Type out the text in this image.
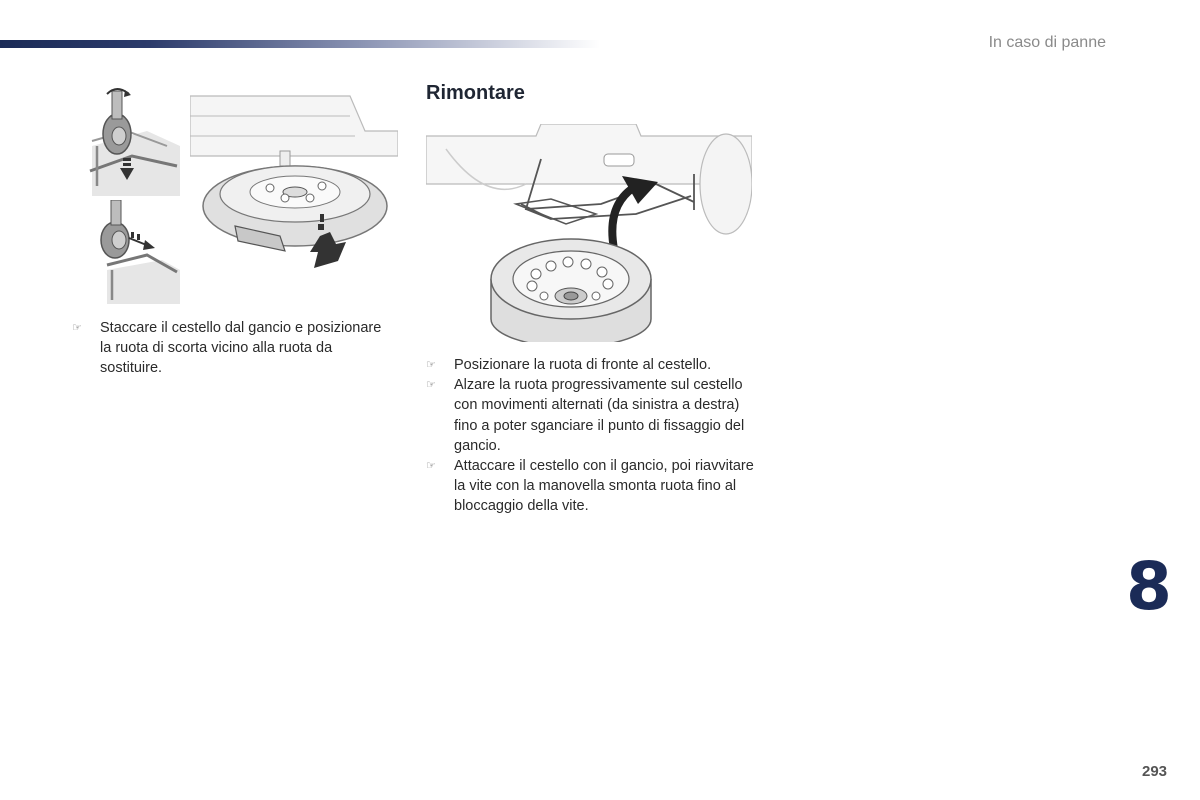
In caso di panne
☞ Staccare il cestello dal gancio e posizionare la ruota di scorta vicino alla ruota da sostituire.
Rimontare
☞ Posizionare la ruota di fronte al cestello.
☞ Alzare la ruota progressivamente sul cestello con movimenti alternati (da sinistra a destra) fino a poter sganciare il punto di fissaggio del gancio.
☞ Attaccare il cestello con il gancio, poi riavvitare la vite con la manovella smonta ruota fino al bloccaggio della vite.
8
293
